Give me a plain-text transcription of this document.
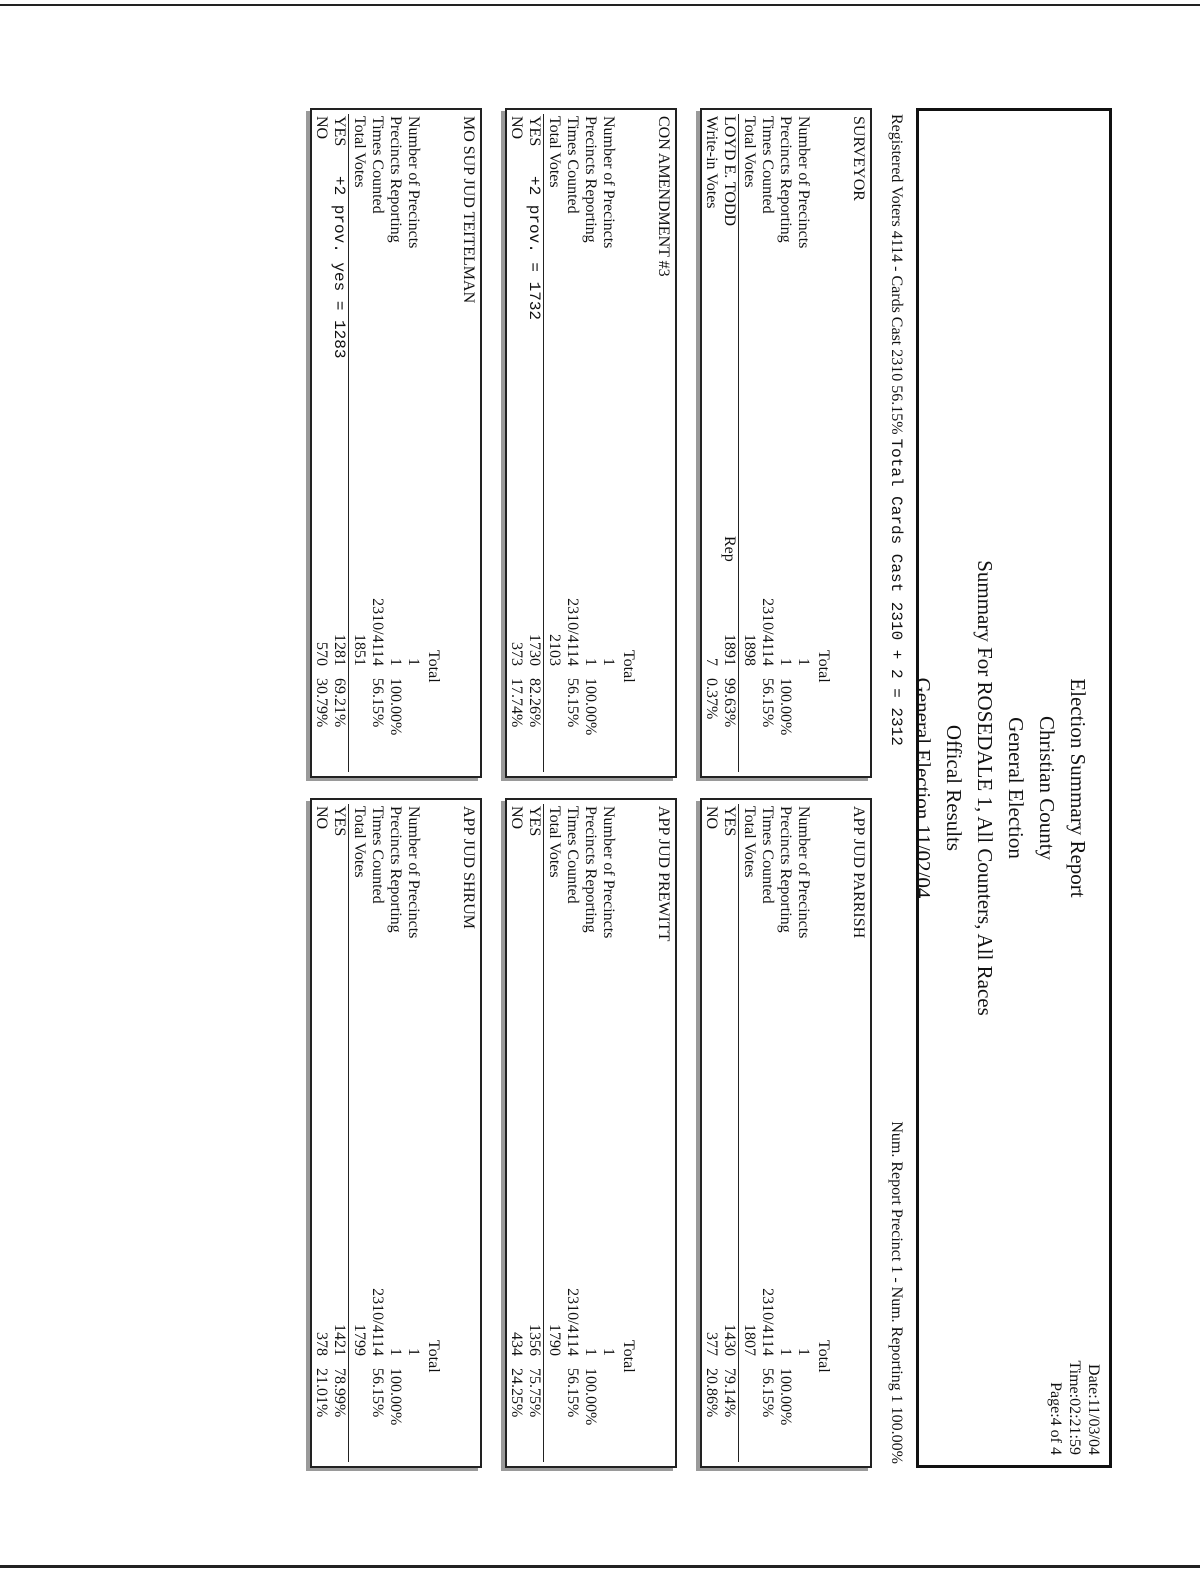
Election Summary Report
Christian County
General Election
Summary For ROSEDALE 1, All Counters, All Races
Offical Results
General Election 11/02/04
Date:11/03/04
Time:02:21:59
Page:4 of 4
Registered Voters 4114 - Cards Cast 2310 56.15% Total Cards Cast 2310 + 2 = 2312
Num. Report Precinct 1 - Num. Reporting 1 100.00%
SURVEYOR
Total
Number of Precincts
1
Precincts Reporting
1
100.00%
Times Counted
2310/4114
56.15%
Total Votes
1898
LOYD E. TODD
Rep
1891
99.63%
Write-in Votes
7
0.37%
CON AMENDMENT #3
Total
Number of Precincts
1
Precincts Reporting
1
100.00%
Times Counted
2310/4114
56.15%
Total Votes
2103
YES
+2 prov. = 1732
1730
82.26%
NO
373
17.74%
MO SUP JUD TEITELMAN
Total
Number of Precincts
1
Precincts Reporting
1
100.00%
Times Counted
2310/4114
56.15%
Total Votes
1851
YES
+2 prov. yes = 1283
1281
69.21%
NO
570
30.79%
APP JUD PARRISH
Total
Number of Precincts
1
Precincts Reporting
1
100.00%
Times Counted
2310/4114
56.15%
Total Votes
1807
YES
1430
79.14%
NO
377
20.86%
APP JUD PREWITT
Total
Number of Precincts
1
Precincts Reporting
1
100.00%
Times Counted
2310/4114
56.15%
Total Votes
1790
YES
1356
75.75%
NO
434
24.25%
APP JUD SHRUM
Total
Number of Precincts
1
Precincts Reporting
1
100.00%
Times Counted
2310/4114
56.15%
Total Votes
1799
YES
1421
78.99%
NO
378
21.01%
